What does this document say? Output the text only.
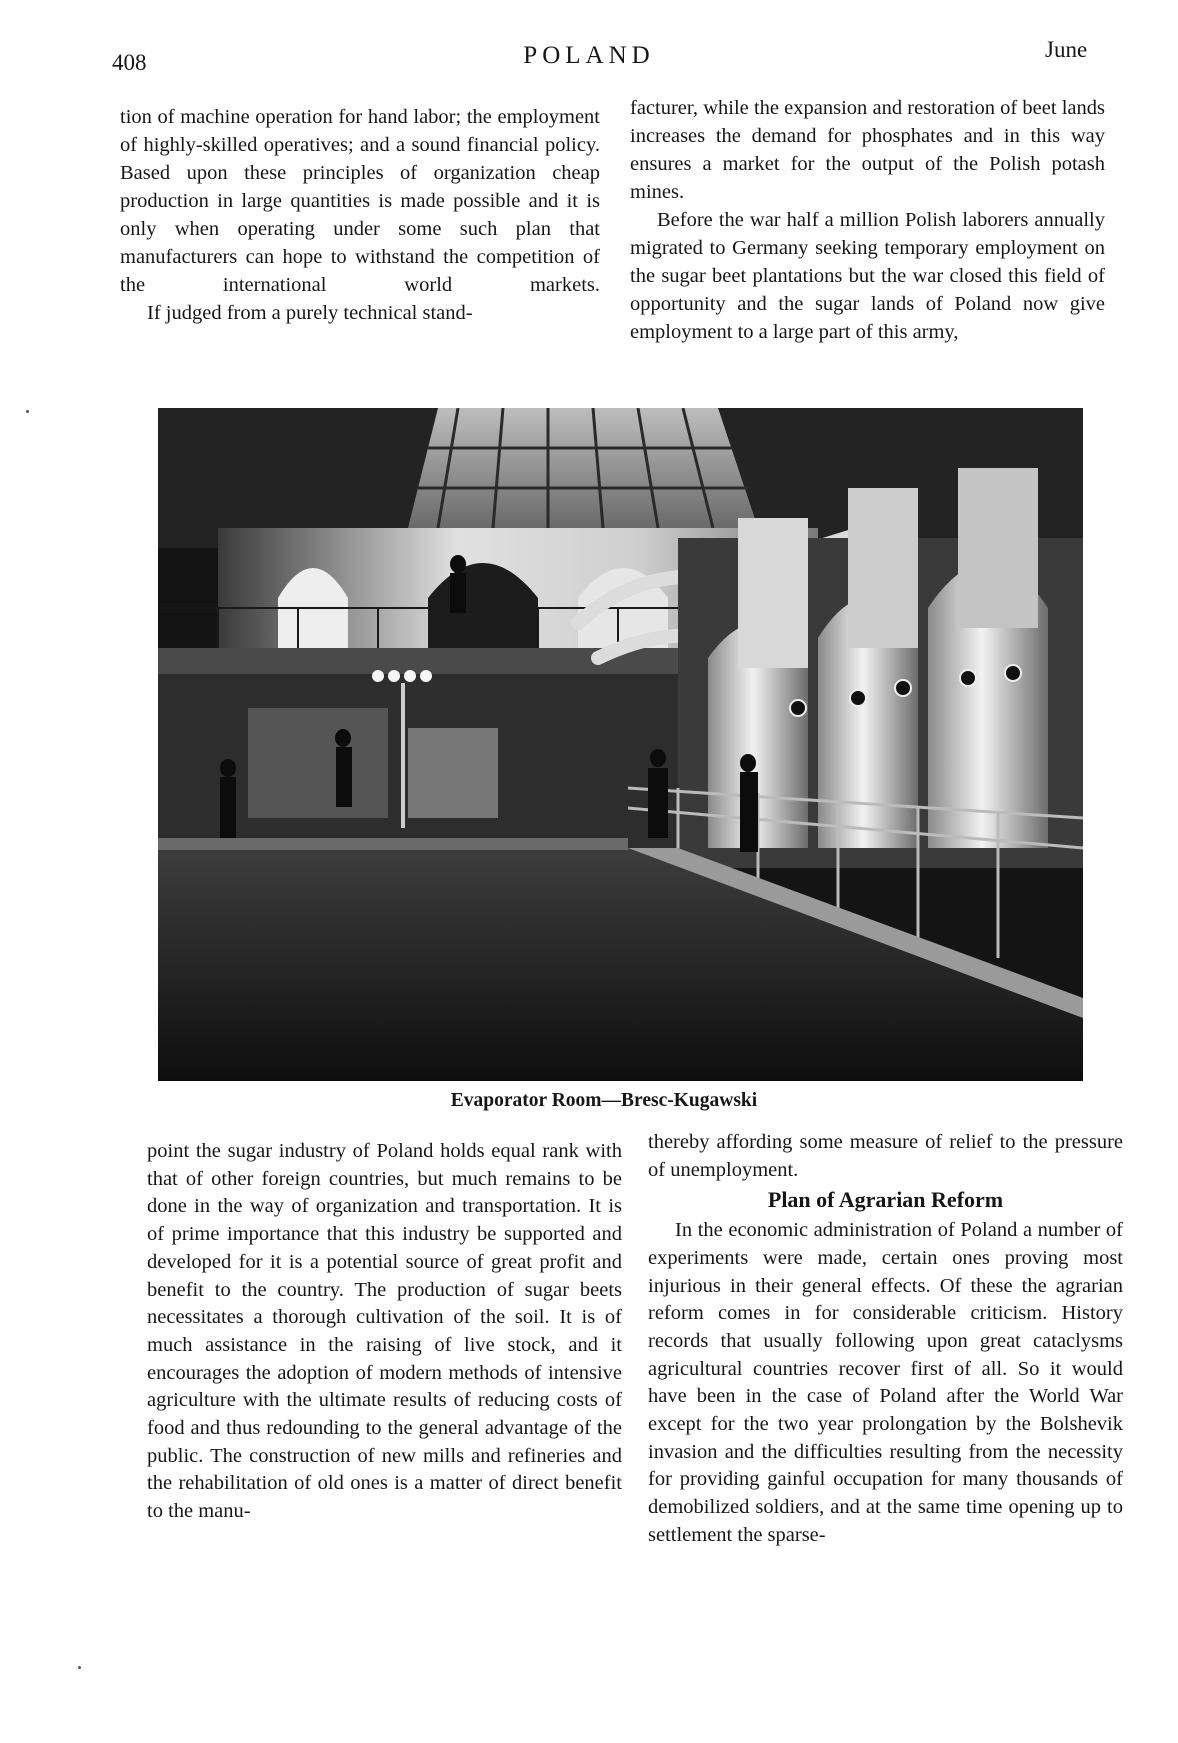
408	POLAND	June

tion of machine operation for hand labor; the employment of highly-skilled operatives; and a sound financial policy. Based upon these principles of organization cheap production in large quantities is made possible and it is only when operating under some such plan that manufacturers can hope to withstand the competition of the international world markets.

If judged from a purely technical stand-

facturer, while the expansion and restoration of beet lands increases the demand for phosphates and in this way ensures a market for the output of the Polish potash mines.

Before the war half a million Polish laborers annually migrated to Germany seeking temporary employment on the sugar beet plantations but the war closed this field of opportunity and the sugar lands of Poland now give employment to a large part of this army,

Evaporator Room—Bresc-Kugawski

point the sugar industry of Poland holds equal rank with that of other foreign countries, but much remains to be done in the way of organization and transportation. It is of prime importance that this industry be supported and developed for it is a potential source of great profit and benefit to the country. The production of sugar beets necessitates a thorough cultivation of the soil. It is of much assistance in the raising of live stock, and it encourages the adoption of modern methods of intensive agriculture with the ultimate results of reducing costs of food and thus redounding to the general advantage of the public. The construction of new mills and refineries and the rehabilitation of old ones is a matter of direct benefit to the manu-

thereby affording some measure of relief to the pressure of unemployment.

Plan of Agrarian Reform

In the economic administration of Poland a number of experiments were made, certain ones proving most injurious in their general effects. Of these the agrarian reform comes in for considerable criticism. History records that usually following upon great cataclysms agricultural countries recover first of all. So it would have been in the case of Poland after the World War except for the two year prolongation by the Bolshevik invasion and the difficulties resulting from the necessity for providing gainful occupation for many thousands of demobilized soldiers, and at the same time opening up to settlement the sparse-
